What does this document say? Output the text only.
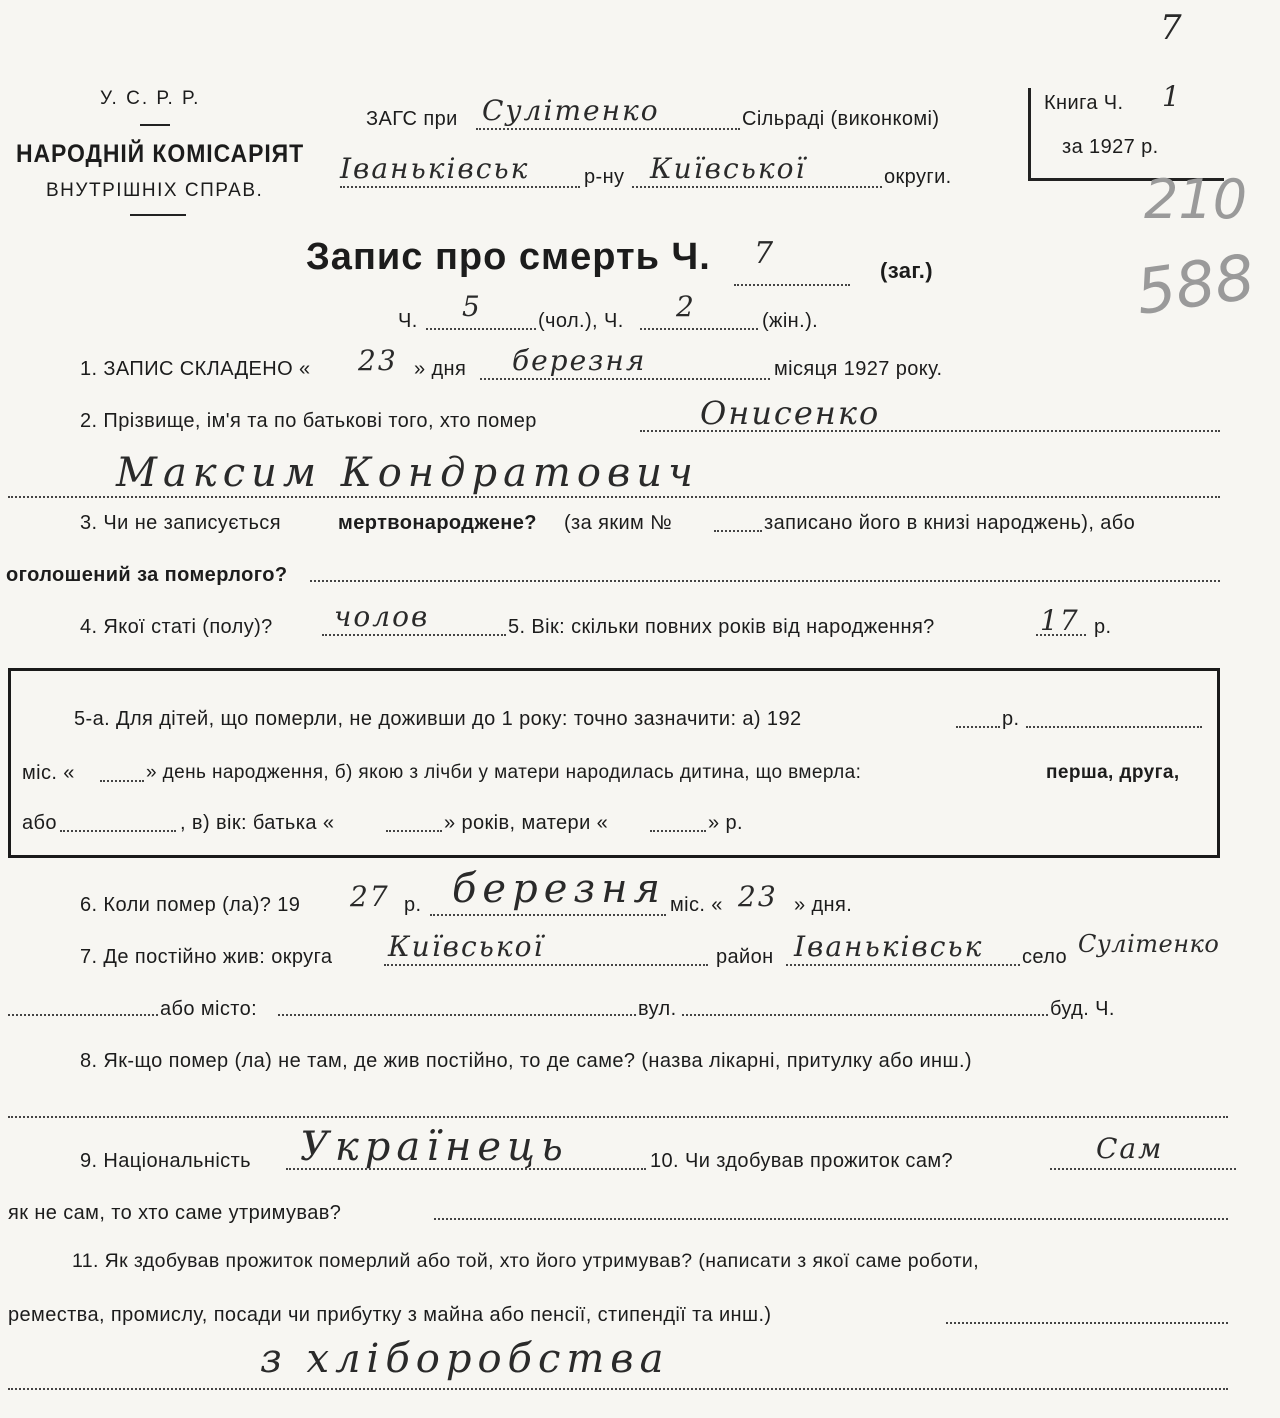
У. С. Р. Р.
НАРОДНІЙ КОМІСАРІЯТ
ВНУТРІШНІХ СПРАВ.
ЗАГС при Сулітенко	Сільраді (виконкомі)
Іваньківськ	р-ну Київської	округи.
Книга Ч. 1
за 1927 р.
7
210
588
Запис про смерть Ч. 7	(заг.)
Ч. 5	(чол.), Ч. 2	(жін.).
1. ЗАПИС СКЛАДЕНО « 23 » дня березня	місяця 1927 року.
2. Прізвище, ім'я та по батькові того, хто помер	Онисенко
Максим Кондратович
3. Чи не записується	мертвонароджене? (за яким №	записано його в книзі народжень), або
оголошений за померлого?
4. Якої статі (полу)? чолов	5. Вік: скільки повних років від народження?	17 р.
5-а. Для дітей, що померли, не доживши до 1 року: точно зазначити: а) 192	р.
міс. «	» день народження, б) якою з лічби у матери народилась дитина, що вмерла:	перша, друга,
або	, в) вік: батька «	» років, матери «	» р.
6. Коли помер (ла)? 19 27 р. березня міс. « 23 » дня.
7. Де постійно жив: округа Київської	район Іваньківськ село Сулітенко
або місто:	вул.	буд. Ч.
8. Як-що помер (ла) не там, де жив постійно, то де саме? (назва лікарні, притулку або инш.)
9. Національність Українець	10. Чи здобував прожиток сам?	Сам
як не сам, то хто саме утримував?
11. Як здобував прожиток померлий або той, хто його утримував? (написати з якої саме роботи,
ремества, промислу, посади чи прибутку з майна або пенсії, стипендії та инш.)
з хліборобства
